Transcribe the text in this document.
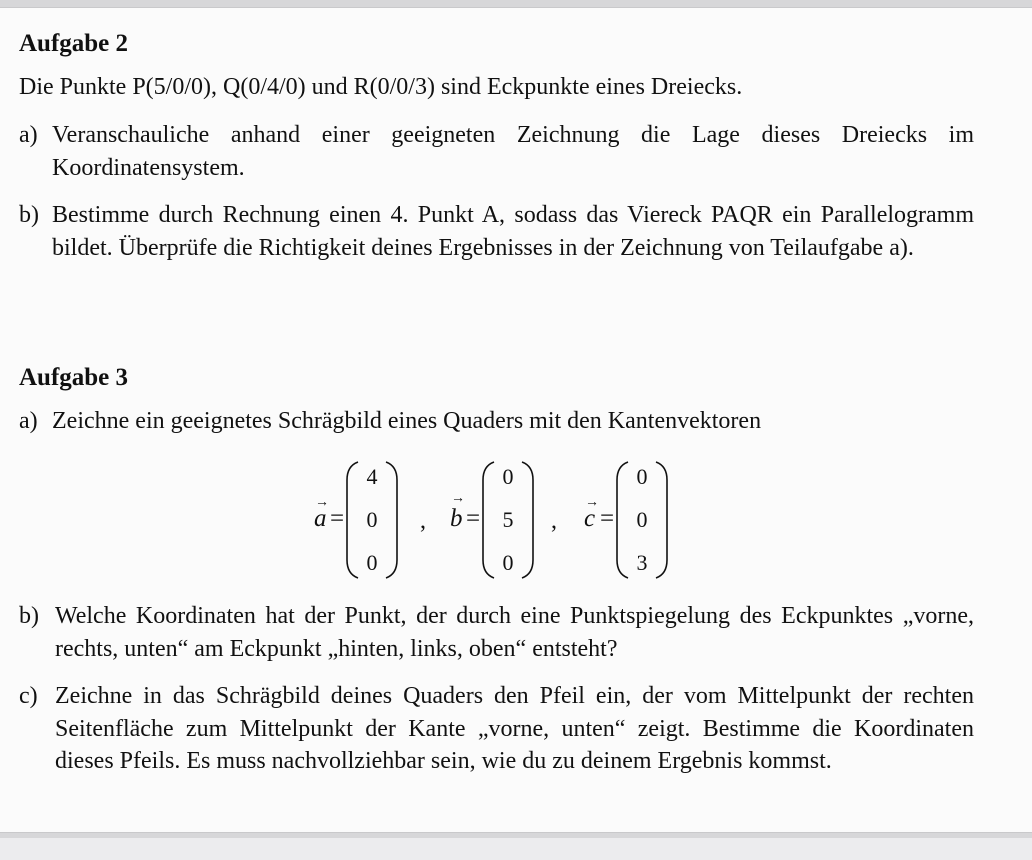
Aufgabe 2
Die Punkte P(5/0/0), Q(0/4/0) und R(0/0/3) sind Eckpunkte eines Dreiecks.
a) Veranschauliche anhand einer geeigneten Zeichnung die Lage dieses Dreiecks im Koordinatensystem.
b) Bestimme durch Rechnung einen 4. Punkt A, sodass das Viereck PAQR ein Parallelogramm bildet. Überprüfe die Richtigkeit deines Ergebnisses in der Zeichnung von Teilaufgabe a).
Aufgabe 3
a) Zeichne ein geeignetes Schrägbild eines Quaders mit den Kantenvektoren
a
→
=
4
0
0
, b
→
=
0
5
0
, c
→
=
0
0
3
b) Welche Koordinaten hat der Punkt, der durch eine Punktspiegelung des Eckpunktes „vorne, rechts, unten“ am Eckpunkt „hinten, links, oben“ entsteht?
c) Zeichne in das Schrägbild deines Quaders den Pfeil ein, der vom Mittelpunkt der rechten Seitenfläche zum Mittelpunkt der Kante „vorne, unten“ zeigt. Bestimme die Koordinaten dieses Pfeils. Es muss nachvollziehbar sein, wie du zu deinem Ergebnis kommst.
